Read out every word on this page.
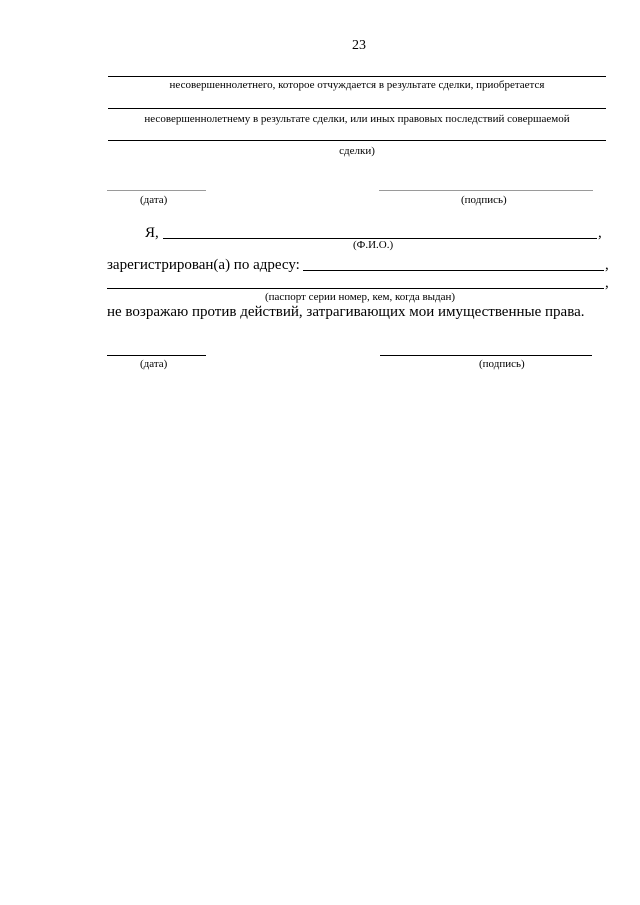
23
несовершеннолетнего, которое отчуждается в результате сделки, приобретается
несовершеннолетнему в результате сделки, или иных правовых последствий совершаемой
сделки)
(дата)	(подпись)
Я,	,
(Ф.И.О.)
зарегистрирован(а) по адресу:	,
,
(паспорт серии номер, кем, когда выдан)
не возражаю против действий, затрагивающих мои имущественные права.
(дата)	(подпись)
